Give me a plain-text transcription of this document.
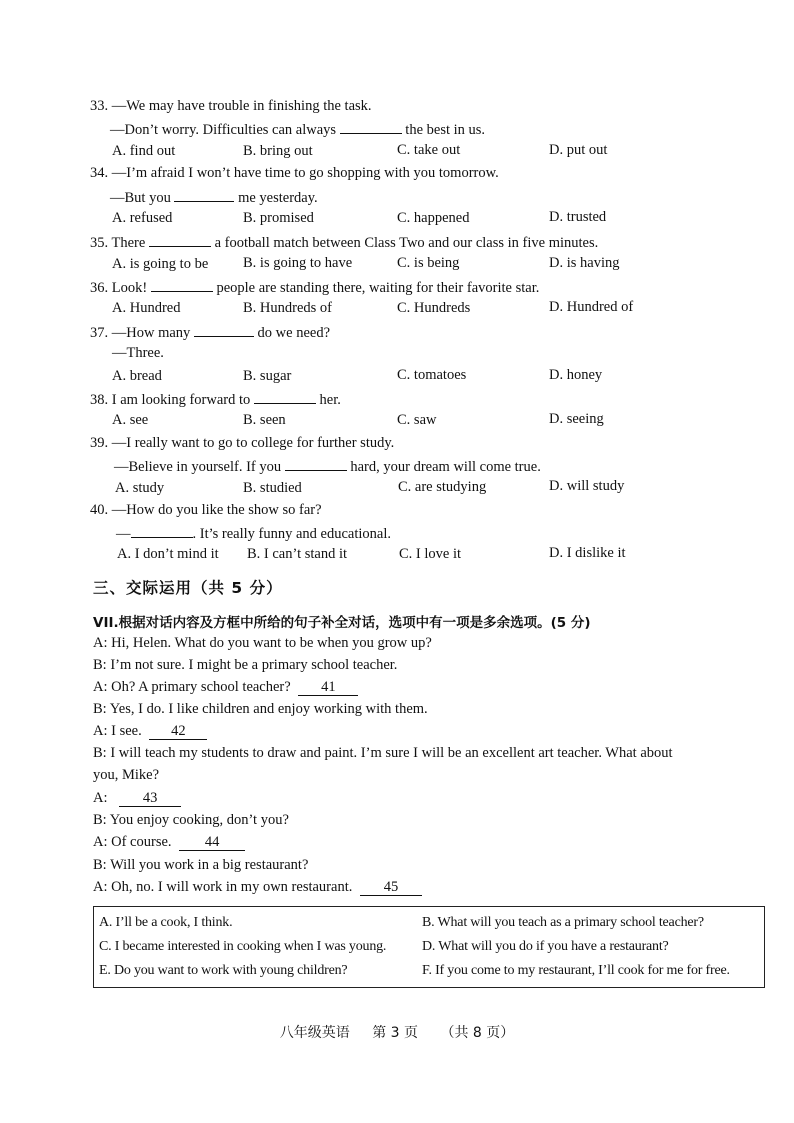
33. —We may have trouble in finishing the task.
—Don’t worry. Difficulties can always	the best in us.
A. find out	B. bring out	C. take out	D. put out
34. —I’m afraid I won’t have time to go shopping with you tomorrow.
—But you	me yesterday.
A. refused	B. promised	C. happened	D. trusted
35. There	a football match between Class Two and our class in five minutes.
A. is going to be B. is going to have	C. is being	D. is having
36. Look!	people are standing there, waiting for their favorite star.
A. Hundred	B. Hundreds of	C. Hundreds	D. Hundred of
37. —How many	do we need?
—Three.
A. bread	B. sugar	C. tomatoes	D. honey
38. I am looking forward to	her.
A. see	B. seen	C. saw	D. seeing
39. —I really want to go to college for further study.
—Believe in yourself. If you	hard, your dream will come true.
A. study	B. studied	C. are studying	D. will study
40. —How do you like the show so far?
—	. It’s really funny and educational.
A. I don’t mind it B. I can’t stand it	C. I love it	D. I dislike it
三、交际运用（共 5 分）
VII.根据对话内容及方框中所给的句子补全对话，选项中有一项是多余选项。(5 分)
A: Hi, Helen. What do you want to be when you grow up?
B: I’m not sure. I might be a primary school teacher.
A: Oh? A primary school teacher? 41
B: Yes, I do. I like children and enjoy working with them.
A: I see. 42
B: I will teach my students to draw and paint. I’m sure I will be an excellent art teacher. What about
you, Mike?
A: 43
B: You enjoy cooking, don’t you?
A: Of course. 44
B: Will you work in a big restaurant?
A: Oh, no. I will work in my own restaurant. 45
A. I’ll be a cook, I think.	B. What will you teach as a primary school teacher?
C. I became interested in cooking when I was young.	D. What will you do if you have a restaurant?
E. Do you want to work with young children?	F. If you come to my restaurant, I’ll cook for me for free.
八年级英语 第 3 页 （共 8 页）
